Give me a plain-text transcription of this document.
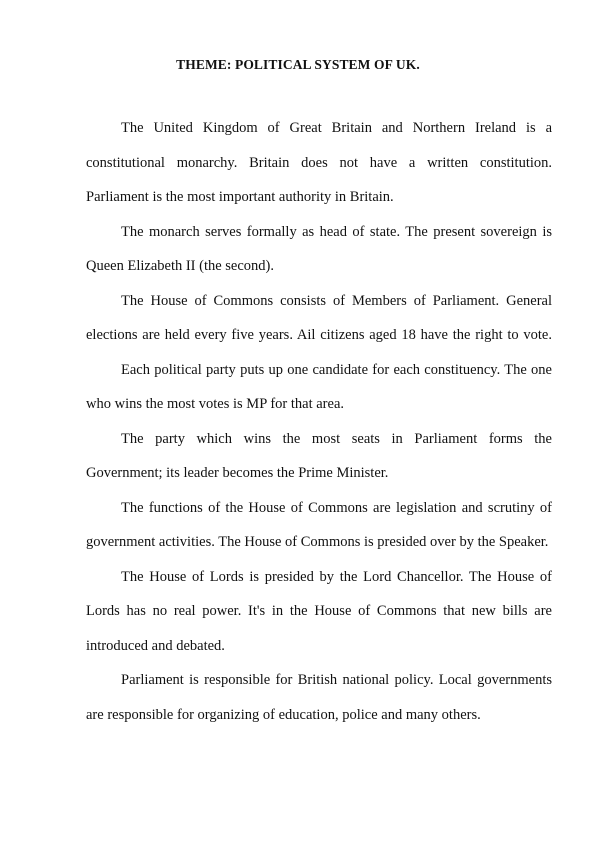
THEME: POLITICAL SYSTEM OF UK.

The United Kingdom of Great Britain and Northern Ireland is a constitutional monarchy. Britain does not have a written constitution. Parliament is the most important authority in Britain.

The monarch serves formally as head of state. The present sovereign is Queen Elizabeth II (the second).

The House of Commons consists of Members of Parliament. General elections are held every five years. Ail citizens aged 18 have the right to vote.

Each political party puts up one candidate for each constituency. The one who wins the most votes is MP for that area.

The party which wins the most seats in Parliament forms the Government; its leader becomes the Prime Minister.

The functions of the House of Commons are legislation and scrutiny of government activities. The House of Commons is presided over by the Speaker.

The House of Lords is presided by the Lord Chancellor. The House of Lords has no real power. It's in the House of Commons that new bills are introduced and debated.

Parliament is responsible for British national policy. Local governments are responsible for organizing of education, police and many others.
